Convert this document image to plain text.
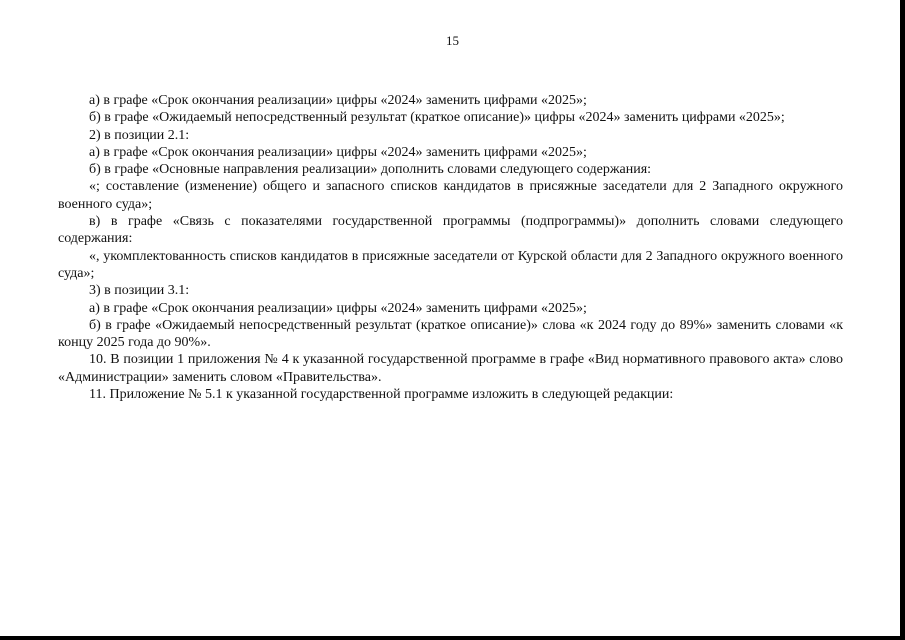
15

а) в графе «Срок окончания реализации» цифры «2024» заменить цифрами «2025»;

б) в графе «Ожидаемый непосредственный результат (краткое описание)» цифры «2024» заменить цифрами «2025»;

2) в позиции 2.1:

а) в графе «Срок окончания реализации» цифры «2024» заменить цифрами «2025»;

б) в графе «Основные направления реализации» дополнить словами следующего содержания:

«; составление (изменение) общего и запасного списков кандидатов в присяжные заседатели для 2 Западного окружного военного суда»;

в) в графе «Связь с показателями государственной программы (подпрограммы)» дополнить словами следующего содержания:

«, укомплектованность списков кандидатов в присяжные заседатели от Курской области для 2 Западного окружного военного суда»;

3) в позиции 3.1:

а) в графе «Срок окончания реализации» цифры «2024» заменить цифрами «2025»;

б) в графе «Ожидаемый непосредственный результат (краткое описание)» слова «к 2024 году до 89%» заменить словами «к концу 2025 года до 90%».

10. В позиции 1 приложения № 4 к указанной государственной программе в графе «Вид нормативного правового акта» слово «Администрации» заменить словом «Правительства».

11. Приложение № 5.1 к указанной государственной программе изложить в следующей редакции:
